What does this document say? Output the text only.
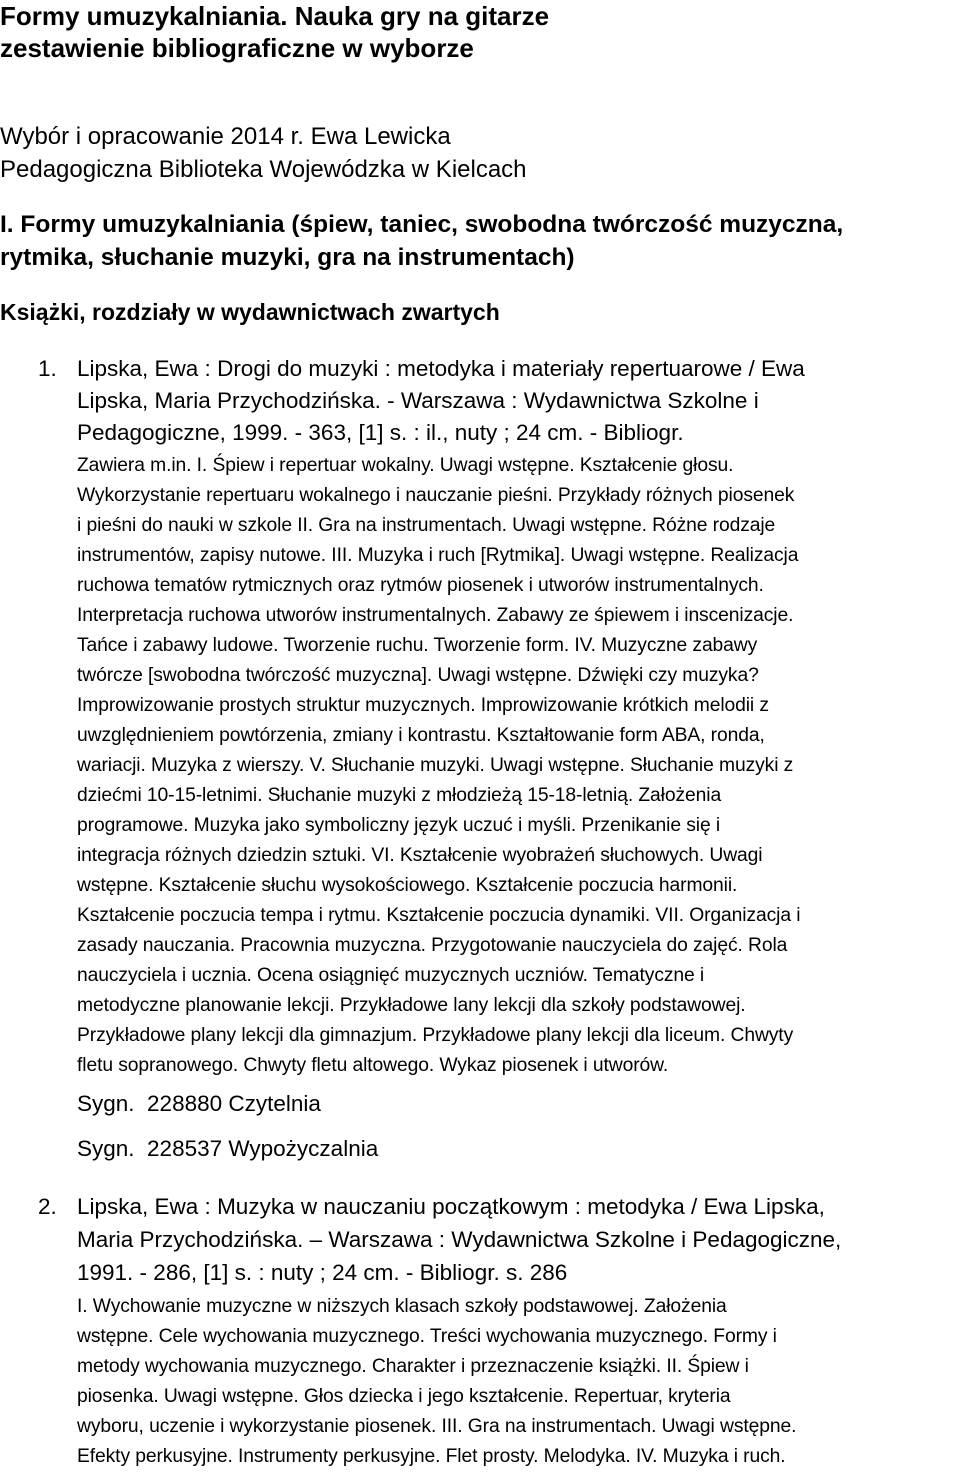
Formy umuzykalniania. Nauka gry na gitarze
zestawienie bibliograficzne w wyborze
Wybór i opracowanie 2014 r. Ewa Lewicka
Pedagogiczna Biblioteka Wojewódzka w Kielcach
I. Formy umuzykalniania (śpiew, taniec, swobodna twórczość muzyczna,
rytmika, słuchanie muzyki, gra na instrumentach)
Książki, rozdziały w wydawnictwach zwartych
1. Lipska, Ewa : Drogi do muzyki : metodyka i materiały repertuarowe / Ewa
Lipska, Maria Przychodzińska. - Warszawa : Wydawnictwa Szkolne i
Pedagogiczne, 1999. - 363, [1] s. : il., nuty ; 24 cm. - Bibliogr.
Zawiera m.in. I. Śpiew i repertuar wokalny. Uwagi wstępne. Kształcenie głosu.
Wykorzystanie repertuaru wokalnego i nauczanie pieśni. Przykłady różnych piosenek
i pieśni do nauki w szkole II. Gra na instrumentach. Uwagi wstępne. Różne rodzaje
instrumentów, zapisy nutowe. III. Muzyka i ruch [Rytmika]. Uwagi wstępne. Realizacja
ruchowa tematów rytmicznych oraz rytmów piosenek i utworów instrumentalnych.
Interpretacja ruchowa utworów instrumentalnych. Zabawy ze śpiewem i inscenizacje.
Tańce i zabawy ludowe. Tworzenie ruchu. Tworzenie form. IV. Muzyczne zabawy
twórcze [swobodna twórczość muzyczna]. Uwagi wstępne. Dźwięki czy muzyka?
Improwizowanie prostych struktur muzycznych. Improwizowanie krótkich melodii z
uwzględnieniem powtórzenia, zmiany i kontrastu. Kształtowanie form ABA, ronda,
wariacji. Muzyka z wierszy. V. Słuchanie muzyki. Uwagi wstępne. Słuchanie muzyki z
dziećmi 10-15-letnimi. Słuchanie muzyki z młodzieżą 15-18-letnią. Założenia
programowe. Muzyka jako symboliczny język uczuć i myśli. Przenikanie się i
integracja różnych dziedzin sztuki. VI. Kształcenie wyobrażeń słuchowych. Uwagi
wstępne. Kształcenie słuchu wysokościowego. Kształcenie poczucia harmonii.
Kształcenie poczucia tempa i rytmu. Kształcenie poczucia dynamiki. VII. Organizacja i
zasady nauczania. Pracownia muzyczna. Przygotowanie nauczyciela do zajęć. Rola
nauczyciela i ucznia. Ocena osiągnięć muzycznych uczniów. Tematyczne i
metodyczne planowanie lekcji. Przykładowe lany lekcji dla szkoły podstawowej.
Przykładowe plany lekcji dla gimnazjum. Przykładowe plany lekcji dla liceum. Chwyty
fletu sopranowego. Chwyty fletu altowego. Wykaz piosenek i utworów.
Sygn.  228880 Czytelnia
Sygn.  228537 Wypożyczalnia
2. Lipska, Ewa : Muzyka w nauczaniu początkowym : metodyka / Ewa Lipska,
Maria Przychodzińska. – Warszawa : Wydawnictwa Szkolne i Pedagogiczne,
1991. - 286, [1] s. : nuty ; 24 cm. - Bibliogr. s. 286
I. Wychowanie muzyczne w niższych klasach szkoły podstawowej. Założenia
wstępne. Cele wychowania muzycznego. Treści wychowania muzycznego. Formy i
metody wychowania muzycznego. Charakter i przeznaczenie książki. II. Śpiew i
piosenka. Uwagi wstępne. Głos dziecka i jego kształcenie. Repertuar, kryteria
wyboru, uczenie i wykorzystanie piosenek. III. Gra na instrumentach. Uwagi wstępne.
Efekty perkusyjne. Instrumenty perkusyjne. Flet prosty. Melodyka. IV. Muzyka i ruch.
